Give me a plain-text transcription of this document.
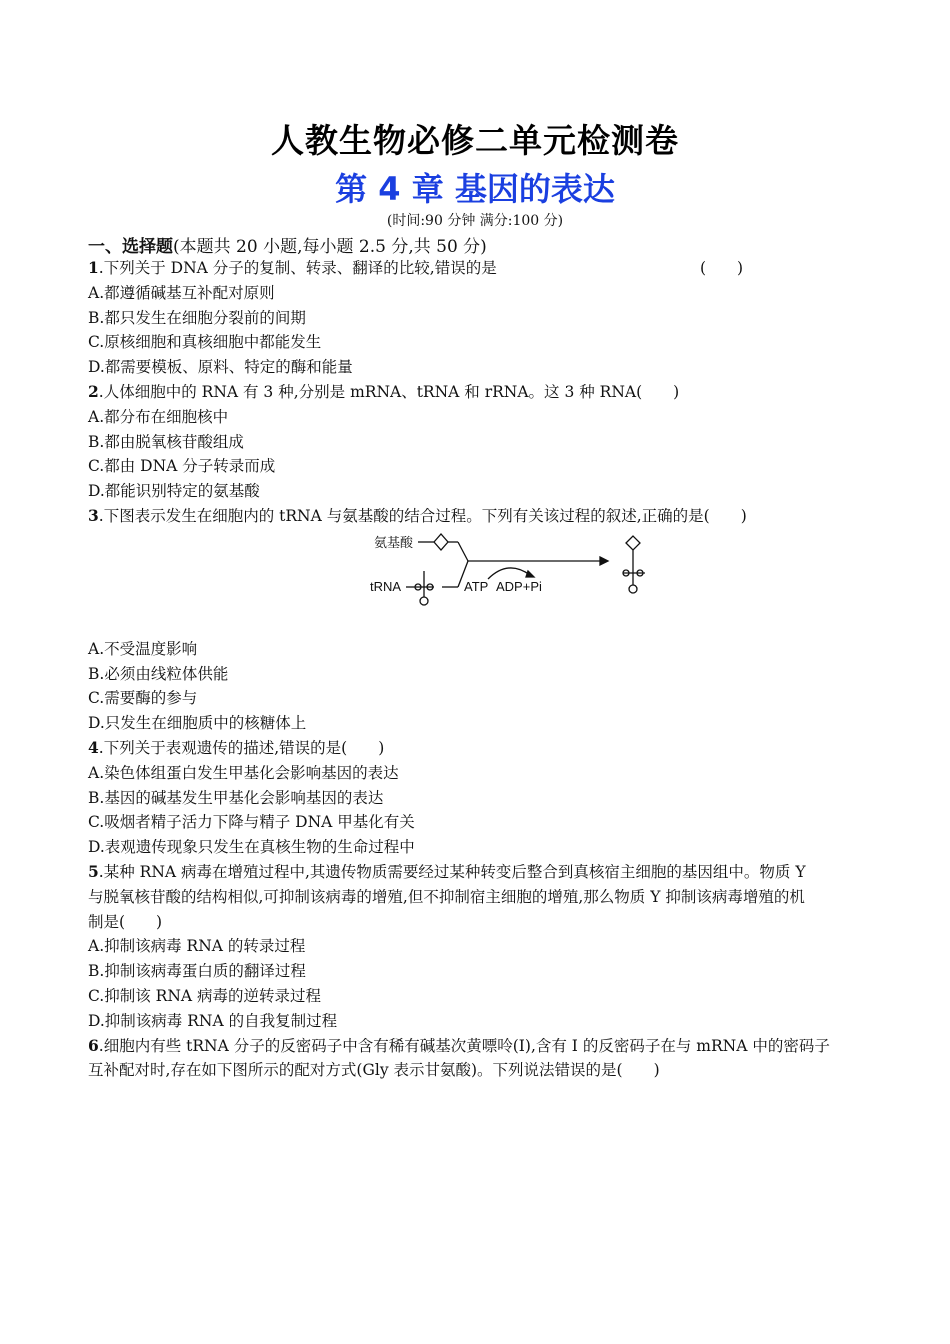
人教生物必修二单元检测卷
第 4 章 基因的表达
(时间:90 分钟 满分:100 分)
一、选择题(本题共 20 小题,每小题 2.5 分,共 50 分)
1.下列关于 DNA 分子的复制、转录、翻译的比较,错误的是	(　　)
A.都遵循碱基互补配对原则
B.都只发生在细胞分裂前的间期
C.原核细胞和真核细胞中都能发生
D.都需要模板、原料、特定的酶和能量
2.人体细胞中的 RNA 有 3 种,分别是 mRNA、tRNA 和 rRNA。这 3 种 RNA(　　)
A.都分布在细胞核中
B.都由脱氧核苷酸组成
C.都由 DNA 分子转录而成
D.都能识别特定的氨基酸
3.下图表示发生在细胞内的 tRNA 与氨基酸的结合过程。下列有关该过程的叙述,正确的是(　　)
氨基酸
tRNA	ATP ADP+Pi
A.不受温度影响
B.必须由线粒体供能
C.需要酶的参与
D.只发生在细胞质中的核糖体上
4.下列关于表观遗传的描述,错误的是(　　)
A.染色体组蛋白发生甲基化会影响基因的表达
B.基因的碱基发生甲基化会影响基因的表达
C.吸烟者精子活力下降与精子 DNA 甲基化有关
D.表观遗传现象只发生在真核生物的生命过程中
5.某种 RNA 病毒在增殖过程中,其遗传物质需要经过某种转变后整合到真核宿主细胞的基因组中。物质 Y
与脱氧核苷酸的结构相似,可抑制该病毒的增殖,但不抑制宿主细胞的增殖,那么物质 Y 抑制该病毒增殖的机
制是(　　)
A.抑制该病毒 RNA 的转录过程
B.抑制该病毒蛋白质的翻译过程
C.抑制该 RNA 病毒的逆转录过程
D.抑制该病毒 RNA 的自我复制过程
6.细胞内有些 tRNA 分子的反密码子中含有稀有碱基次黄嘌呤(I),含有 I 的反密码子在与 mRNA 中的密码子
互补配对时,存在如下图所示的配对方式(Gly 表示甘氨酸)。下列说法错误的是(　　)
